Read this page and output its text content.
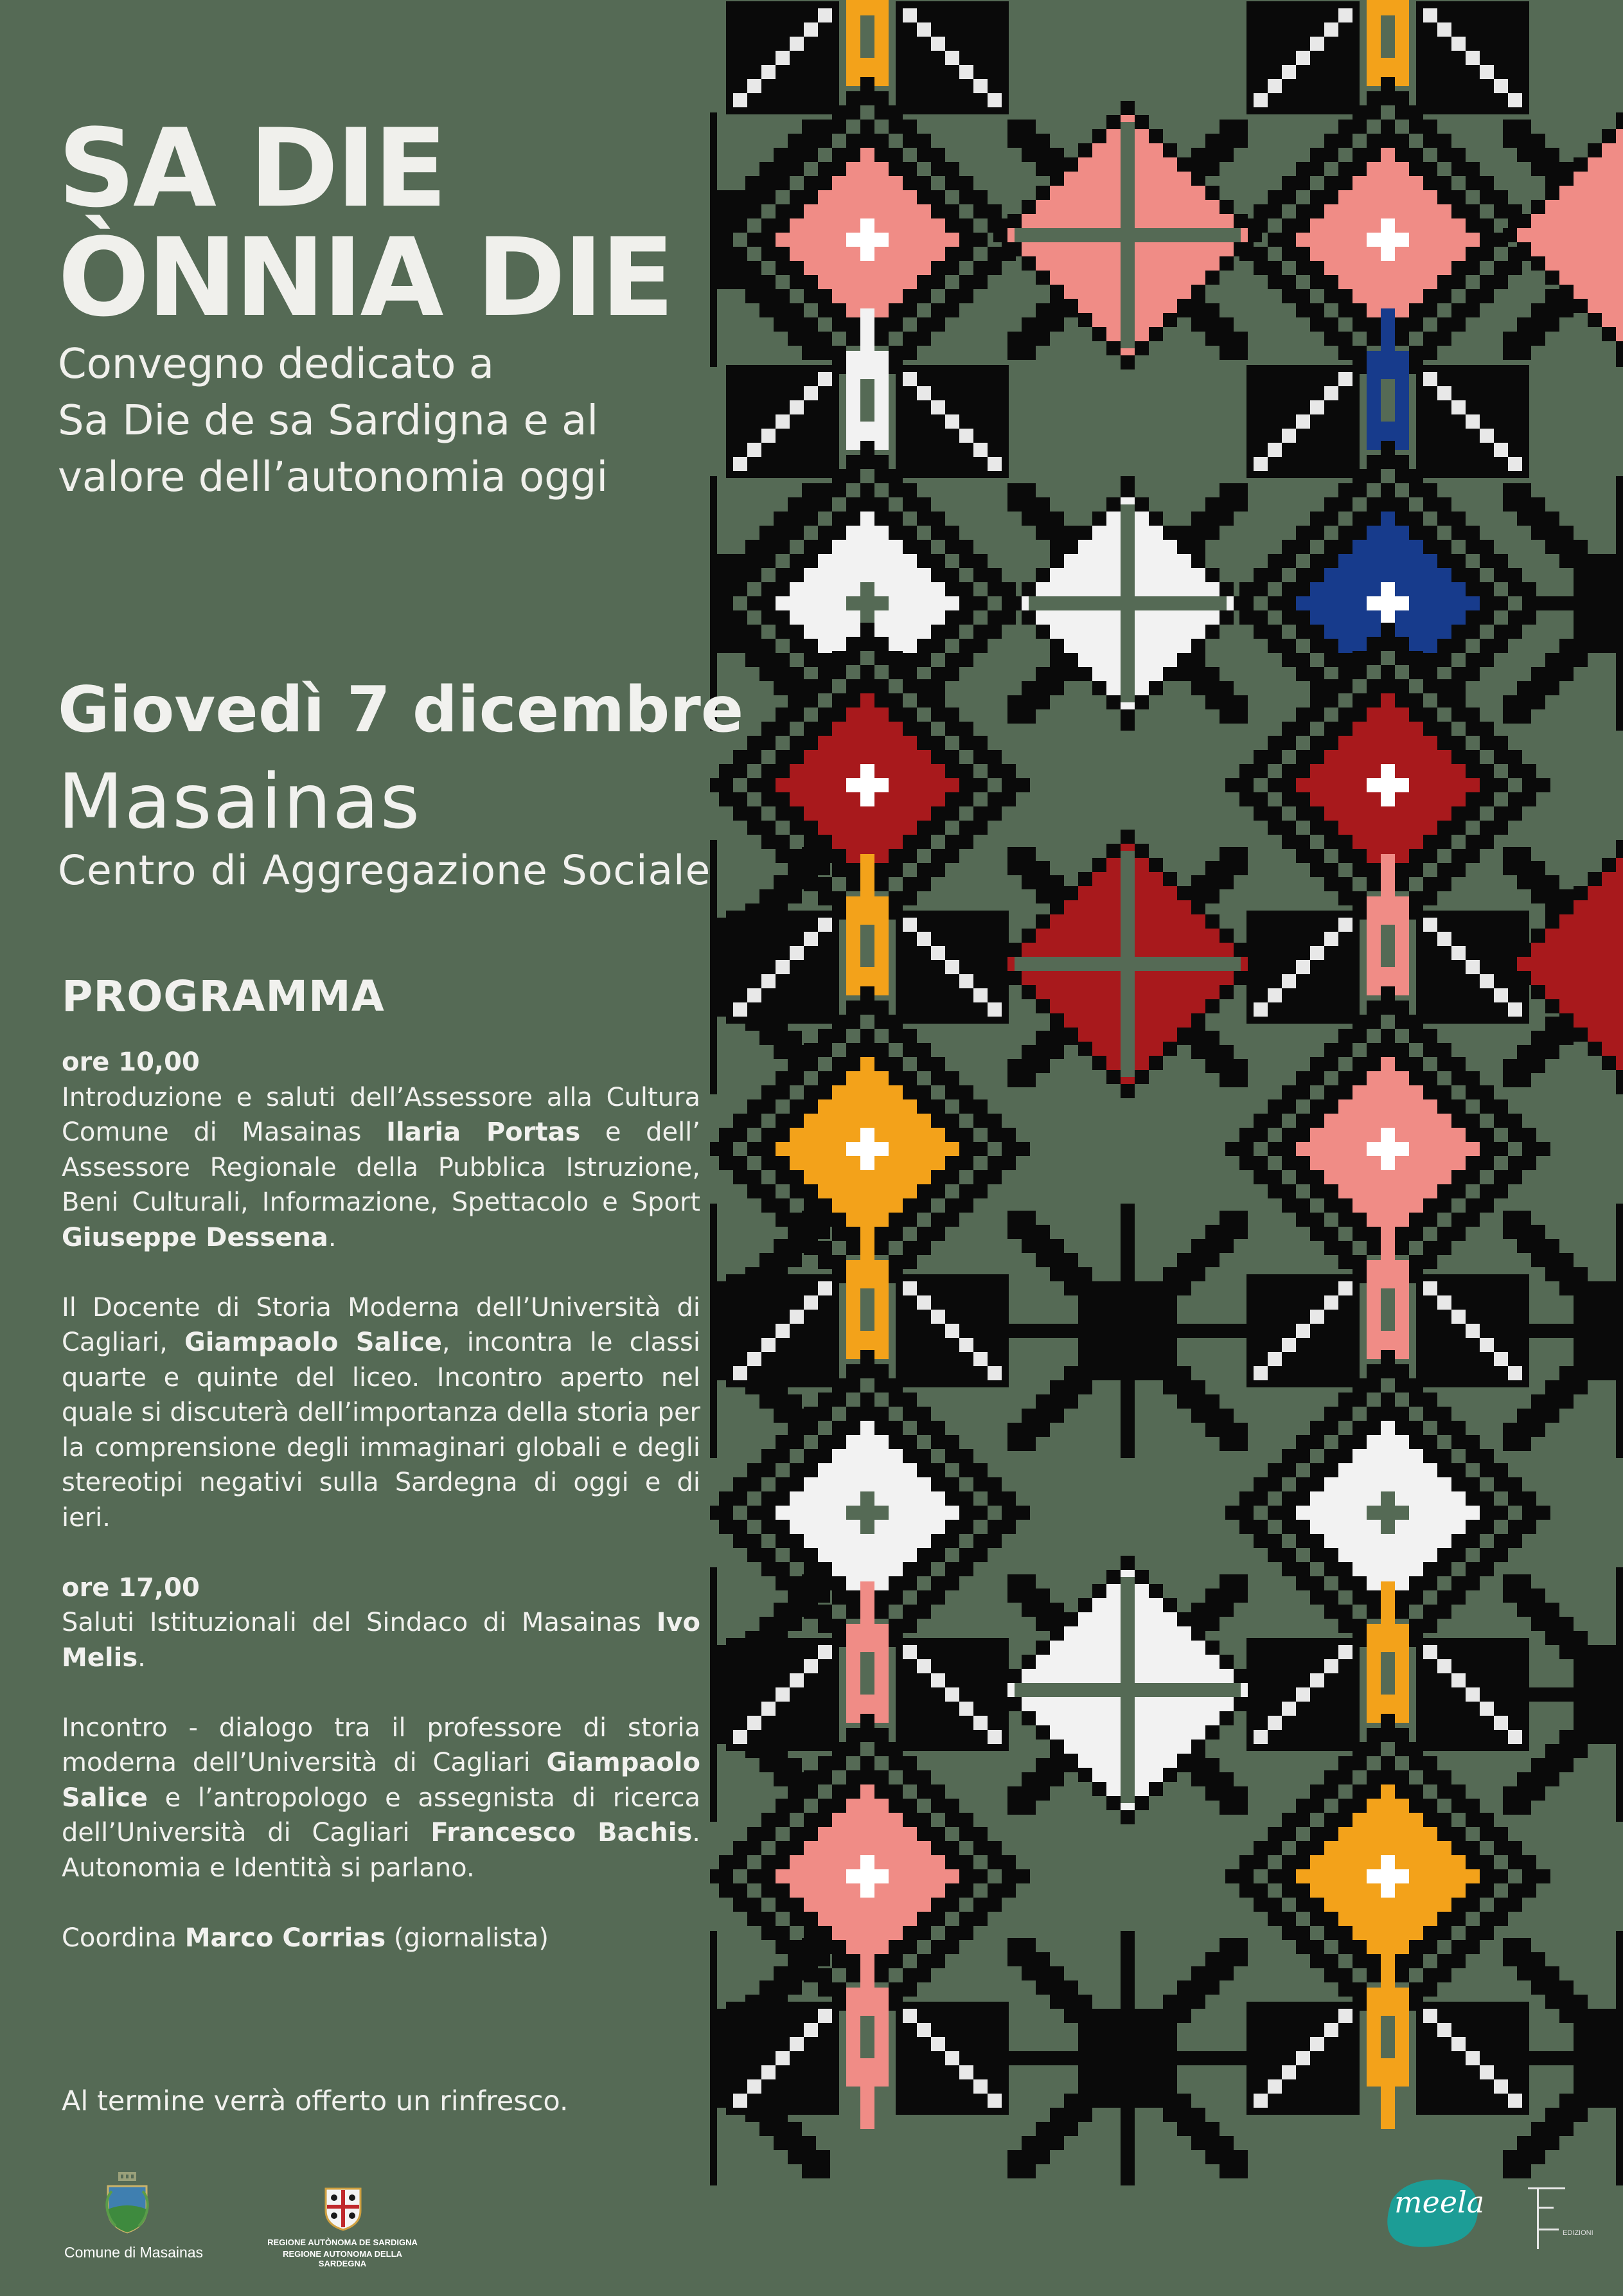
SA DIE
ÒNNIA DIE
Convegno dedicato a
Sa Die de sa Sardigna e al
valore dell’autonomia oggi
Giovedì 7 dicembre
Masainas
Centro di Aggregazione Sociale
PROGRAMMA

ore 10,00

Introduzione e saluti dell’Assessore alla Cultura Comune di Masainas Ilaria Portas e dell’ Assessore Regionale della Pubblica Istruzione, Beni Culturali, Informazione, Spettacolo e Sport Giuseppe Dessena.

Il Docente di Storia Moderna dell’Università di Cagliari, Giampaolo Salice, incontra le classi quarte e quinte del liceo. Incontro aperto nel quale si discuterà dell’importanza della storia per la comprensione degli immaginari globali e degli stereotipi negativi sulla Sardegna di oggi e di ieri.

ore 17,00

Saluti Istituzionali del Sindaco di Masainas Ivo Melis.

Incontro - dialogo tra il professore di storia moderna dell’Università di Cagliari Giampaolo Salice e l’antropologo e assegnista di ricerca dell’Università di Cagliari Francesco Bachis. Autonomia e Identità si parlano.

Coordina Marco Corrias (giornalista)

Al termine verrà offerto un rinfresco.
Comune di Masainas
REGIONE AUTÒNOMA DE SARDIGNA
REGIONE AUTONOMA DELLA SARDEGNA
meela
EDIZIONI
